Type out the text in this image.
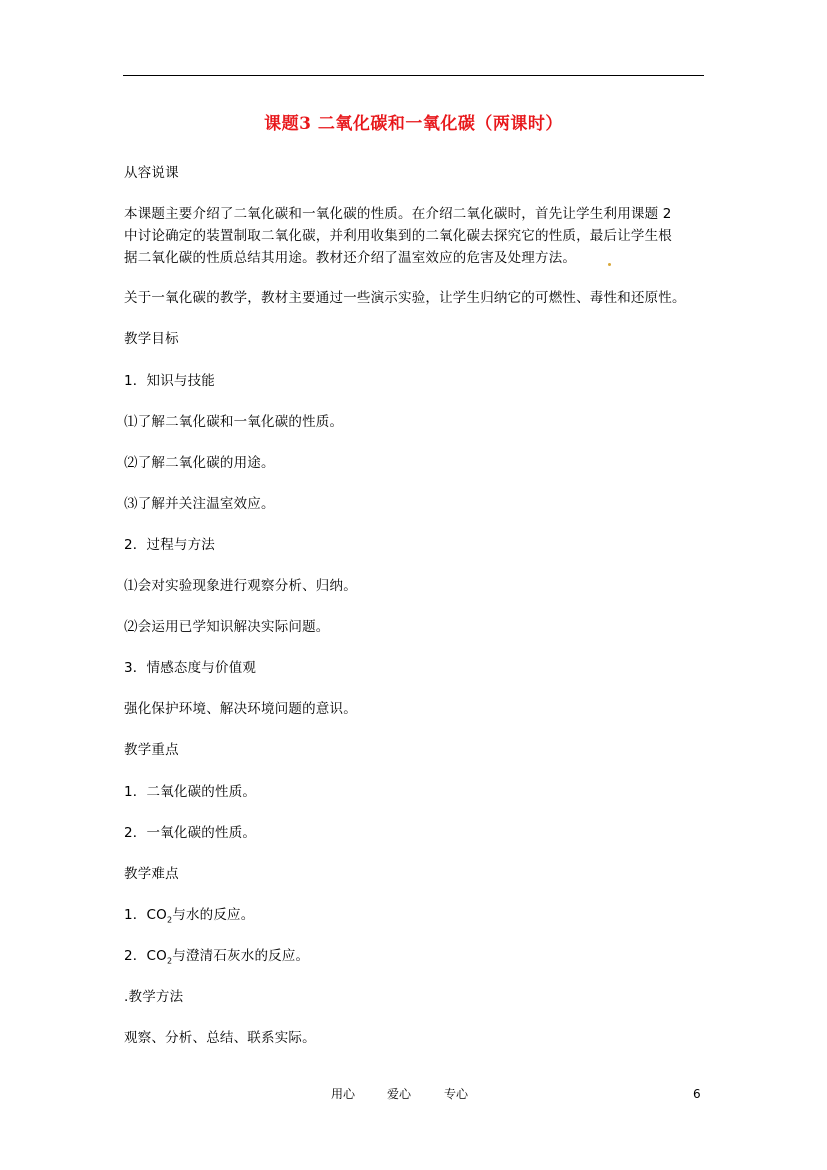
课题3 二氧化碳和一氧化碳（两课时）
从容说课
本课题主要介绍了二氧化碳和一氧化碳的性质。在介绍二氧化碳时，首先让学生利用课题 2
中讨论确定的装置制取二氧化碳，并利用收集到的二氧化碳去探究它的性质，最后让学生根
据二氧化碳的性质总结其用途。教材还介绍了温室效应的危害及处理方法。
关于一氧化碳的教学，教材主要通过一些演示实验，让学生归纳它的可燃性、毒性和还原性。
教学目标
1．知识与技能
⑴了解二氧化碳和一氧化碳的性质。
⑵了解二氧化碳的用途。
⑶了解并关注温室效应。
2．过程与方法
⑴会对实验现象进行观察分析、归纳。
⑵会运用已学知识解决实际问题。
3．情感态度与价值观
强化保护环境、解决环境问题的意识。
教学重点
1．二氧化碳的性质。
2．一氧化碳的性质。
教学难点
1．$CO_2$与水的反应。
2．$CO_2$与澄清石灰水的反应。
.教学方法
观察、分析、总结、联系实际。
用心	爱心	专心	6
